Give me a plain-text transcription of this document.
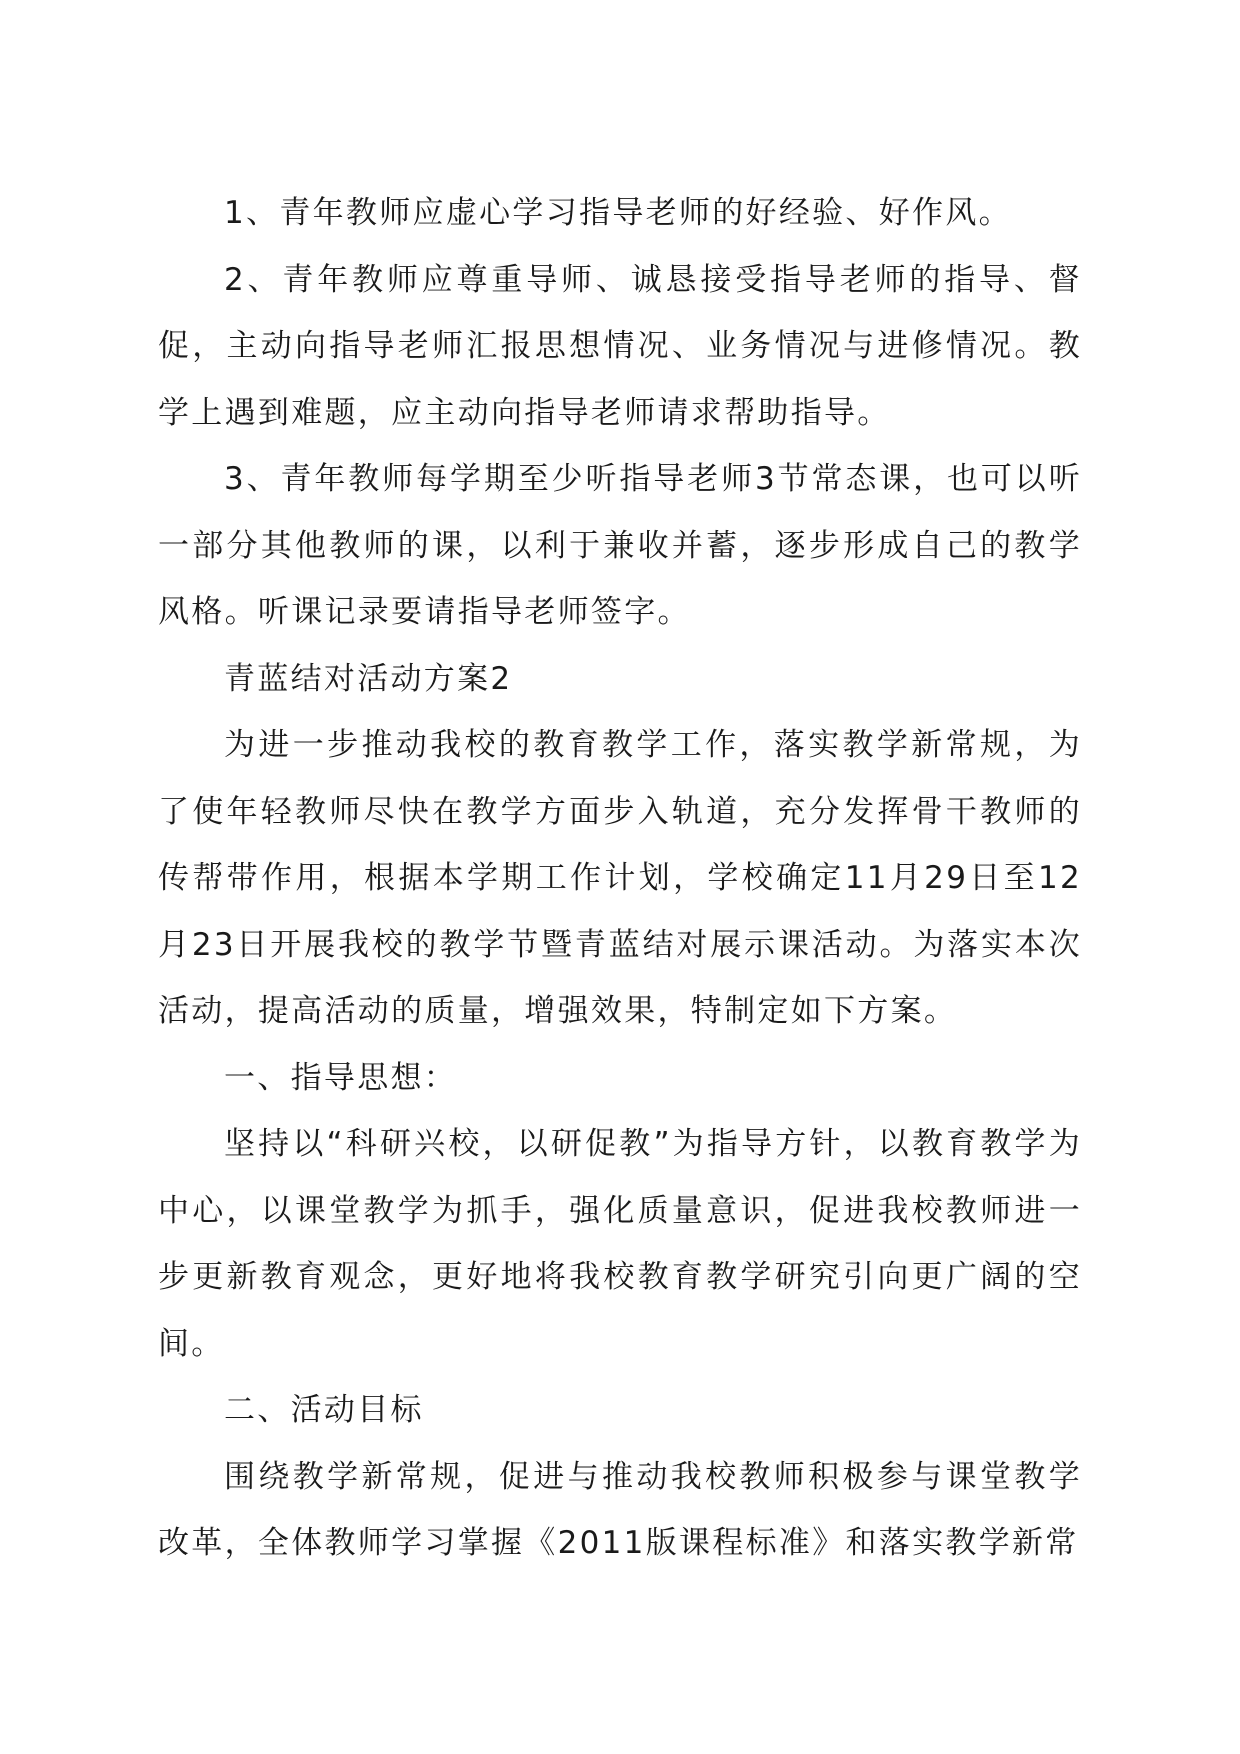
1、青年教师应虚心学习指导老师的好经验、好作风。

2、青年教师应尊重导师、诚恳接受指导老师的指导、督促，主动向指导老师汇报思想情况、业务情况与进修情况。教学上遇到难题，应主动向指导老师请求帮助指导。

3、青年教师每学期至少听指导老师3节常态课，也可以听一部分其他教师的课，以利于兼收并蓄，逐步形成自己的教学风格。听课记录要请指导老师签字。

青蓝结对活动方案2

为进一步推动我校的教育教学工作，落实教学新常规，为了使年轻教师尽快在教学方面步入轨道，充分发挥骨干教师的传帮带作用，根据本学期工作计划，学校确定11月29日至12月23日开展我校的教学节暨青蓝结对展示课活动。为落实本次活动，提高活动的质量，增强效果，特制定如下方案。

一、指导思想：

坚持以“科研兴校，以研促教”为指导方针，以教育教学为中心，以课堂教学为抓手，强化质量意识，促进我校教师进一步更新教育观念，更好地将我校教育教学研究引向更广阔的空间。

二、活动目标

围绕教学新常规，促进与推动我校教师积极参与课堂教学改革，全体教师学习掌握《2011版课程标准》和落实教学新常
